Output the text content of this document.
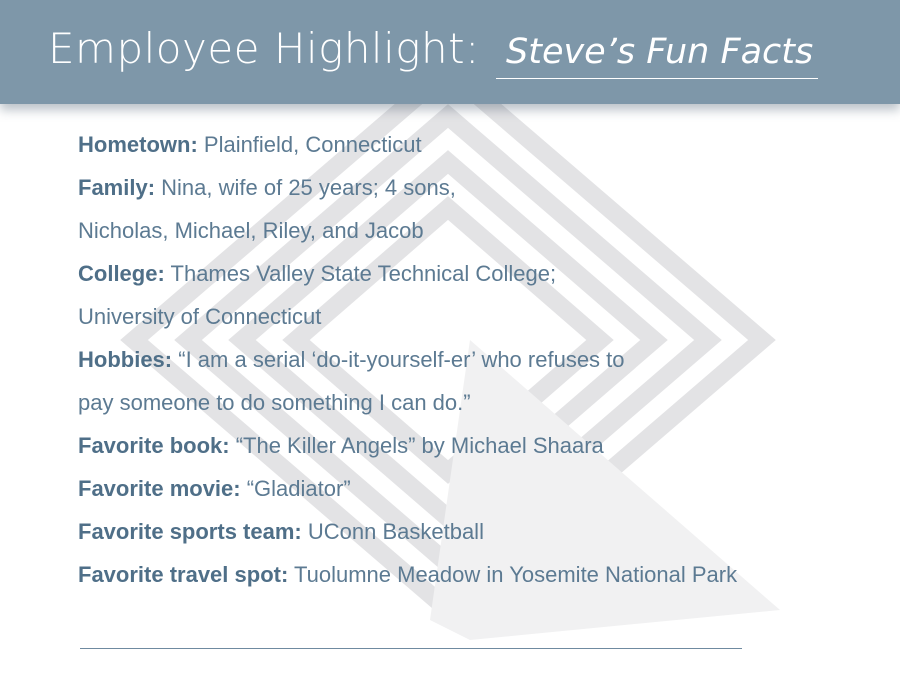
Employee Highlight: Steve’s Fun Facts
Hometown: Plainfield, Connecticut
Family: Nina, wife of 25 years; 4 sons,
Nicholas, Michael, Riley, and Jacob
College: Thames Valley State Technical College;
University of Connecticut
Hobbies: “I am a serial ‘do-it-yourself-er’ who refuses to
pay someone to do something I can do.”
Favorite book: “The Killer Angels” by Michael Shaara
Favorite movie: “Gladiator”
Favorite sports team: UConn Basketball
Favorite travel spot: Tuolumne Meadow in Yosemite National Park
